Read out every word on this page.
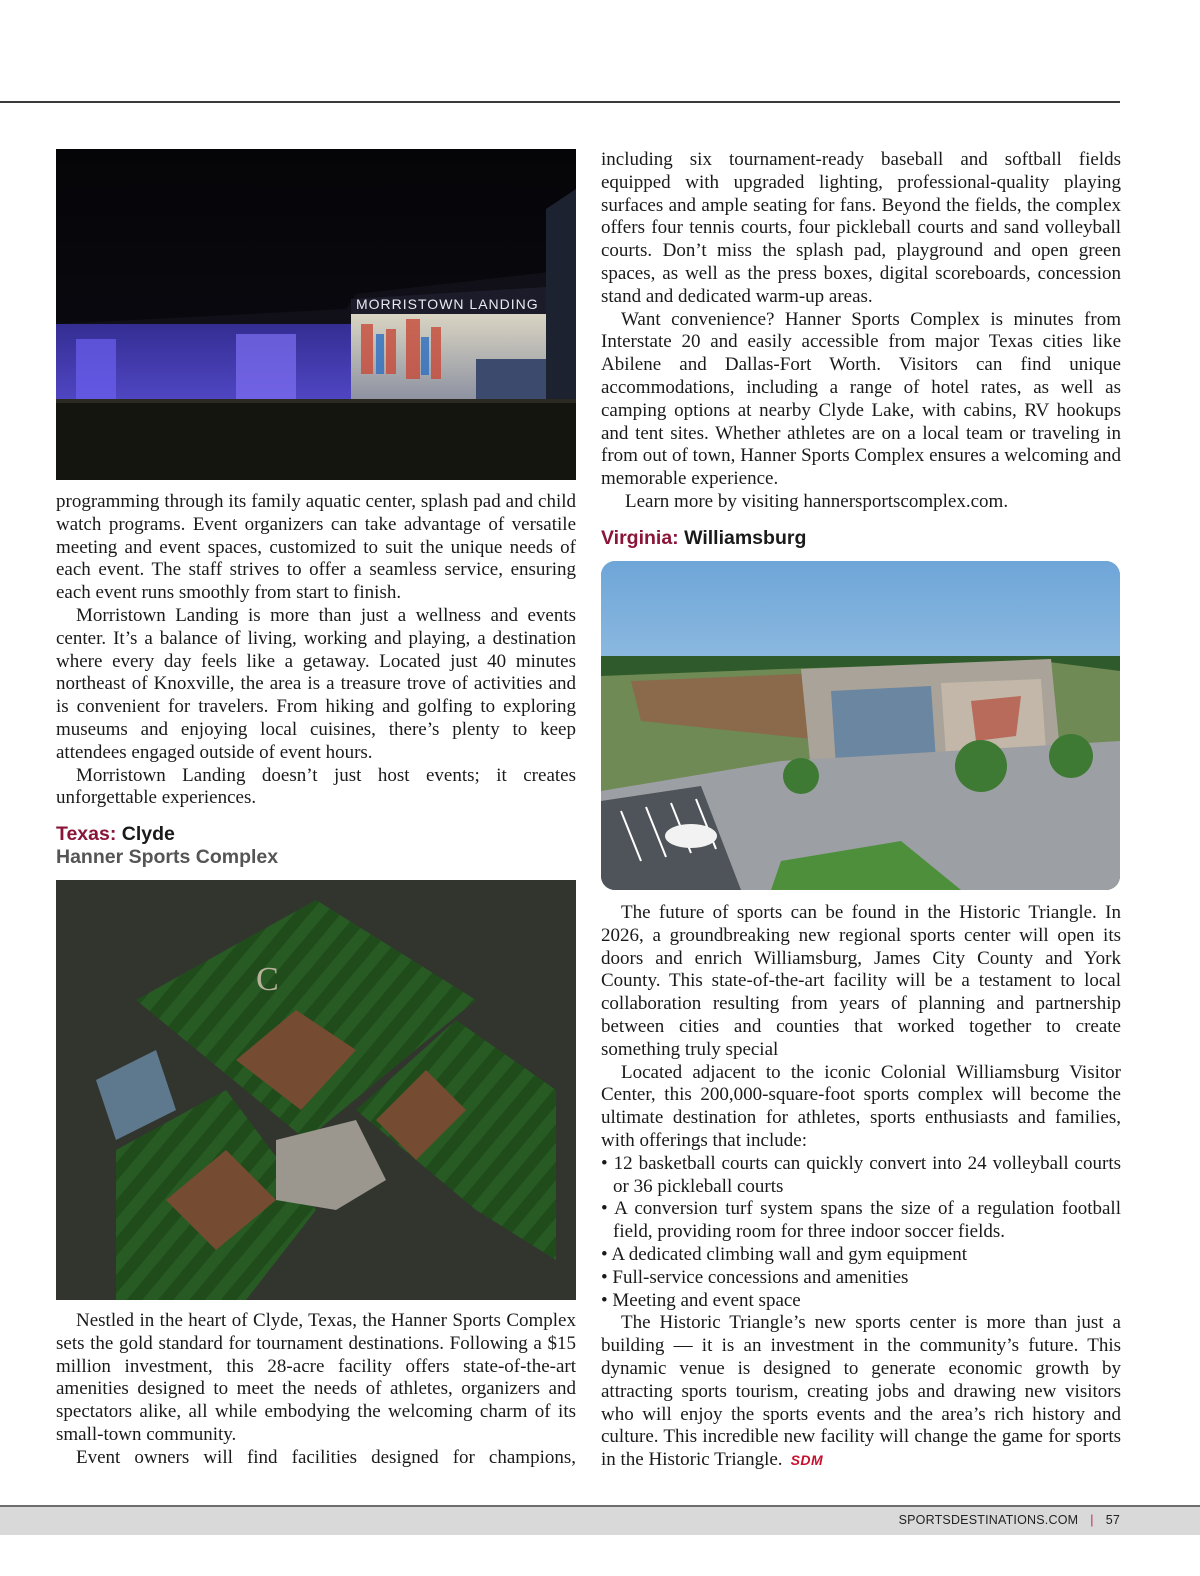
MORRISTOWN LANDING

programming through its family aquatic center, splash pad and child watch programs. Event organizers can take advantage of versatile meeting and event spaces, customized to suit the unique needs of each event. The staff strives to offer a seamless service, ensuring each event runs smoothly from start to finish.

Morristown Landing is more than just a wellness and events center. It’s a balance of living, working and playing, a destination where every day feels like a getaway. Located just 40 minutes northeast of Knoxville, the area is a treasure trove of activities and is convenient for travelers. From hiking and golfing to exploring museums and enjoying local cuisines, there’s plenty to keep attendees engaged outside of event hours.

Morristown Landing doesn’t just host events; it creates unforgettable experiences.

Texas: Clyde
Hanner Sports Complex
C

Nestled in the heart of Clyde, Texas, the Hanner Sports Complex sets the gold standard for tournament destinations. Following a $15 million investment, this 28-acre facility offers state-of-the-art amenities designed to meet the needs of athletes, organizers and spectators alike, all while embodying the welcoming charm of its small-town community.

Event owners will find facilities designed for champions,

including six tournament-ready baseball and softball fields equipped with upgraded lighting, professional-quality playing surfaces and ample seating for fans. Beyond the fields, the complex offers four tennis courts, four pickleball courts and sand volleyball courts. Don’t miss the splash pad, playground and open green spaces, as well as the press boxes, digital scoreboards, concession stand and dedicated warm-up areas.

Want convenience? Hanner Sports Complex is minutes from Interstate 20 and easily accessible from major Texas cities like Abilene and Dallas-Fort Worth. Visitors can find unique accommodations, including a range of hotel rates, as well as camping options at nearby Clyde Lake, with cabins, RV hookups and tent sites. Whether athletes are on a local team or traveling in from out of town, Hanner Sports Complex ensures a welcoming and memorable experience.

Learn more by visiting hannersportscomplex.com.

Virginia: Williamsburg

The future of sports can be found in the Historic Triangle. In 2026, a groundbreaking new regional sports center will open its doors and enrich Williamsburg, James City County and York County. This state-of-the-art facility will be a testament to local collaboration resulting from years of planning and partnership between cities and counties that worked together to create something truly special

Located adjacent to the iconic Colonial Williamsburg Visitor Center, this 200,000-square-foot sports complex will become the ultimate destination for athletes, sports enthusiasts and families, with offerings that include:

• 12 basketball courts can quickly convert into 24 volleyball courts or 36 pickleball courts
• A conversion turf system spans the size of a regulation football field, providing room for three indoor soccer fields.
• A dedicated climbing wall and gym equipment
• Full-service concessions and amenities
• Meeting and event space

The Historic Triangle’s new sports center is more than just a building — it is an investment in the community’s future. This dynamic venue is designed to generate economic growth by attracting sports tourism, creating jobs and drawing new visitors who will enjoy the sports events and the area’s rich history and culture. This incredible new facility will change the game for sports in the Historic Triangle. SDM

SPORTSDESTINATIONS.COM | 57
